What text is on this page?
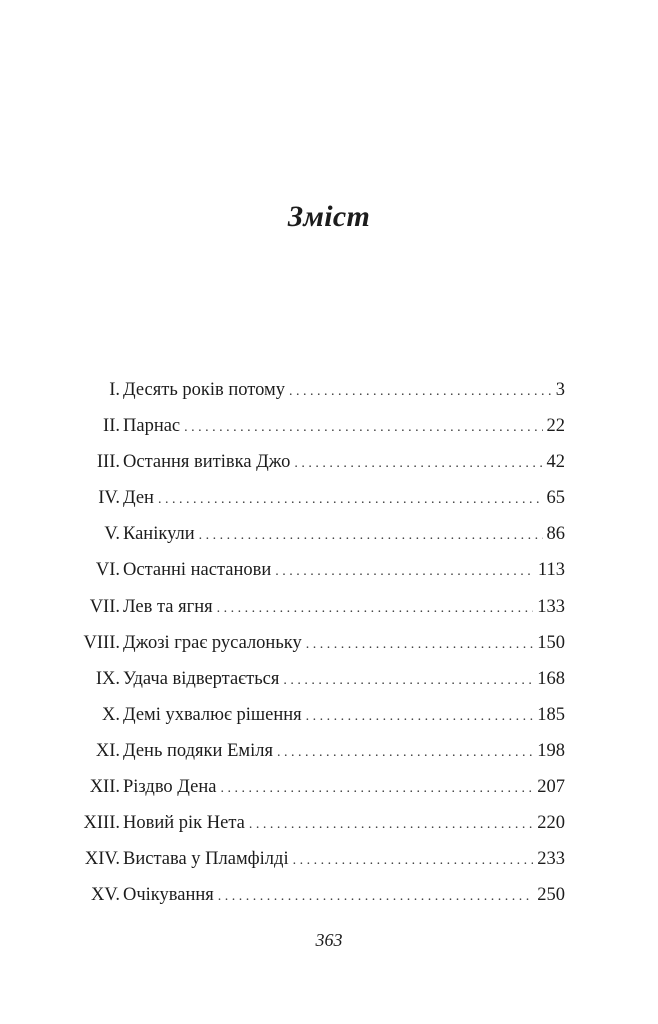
Зміст
I. Десять років потому . . .	3
II. Парнас . . .	22
III. Остання витівка Джо . . .	42
IV. Ден . . .	65
V. Канікули . . .	86
VI. Останні настанови . . .	113
VII. Лев та ягня . . .	133
VIII. Джозі грає русалоньку . . .	150
IX. Удача відвертається . . .	168
X. Демі ухвалює рішення . . .	185
XI. День подяки Еміля . . .	198
XII. Різдво Дена . . .	207
XIII. Новий рік Нета . . .	220
XIV. Вистава у Пламфілді . . .	233
XV. Очікування . . .	250
363
